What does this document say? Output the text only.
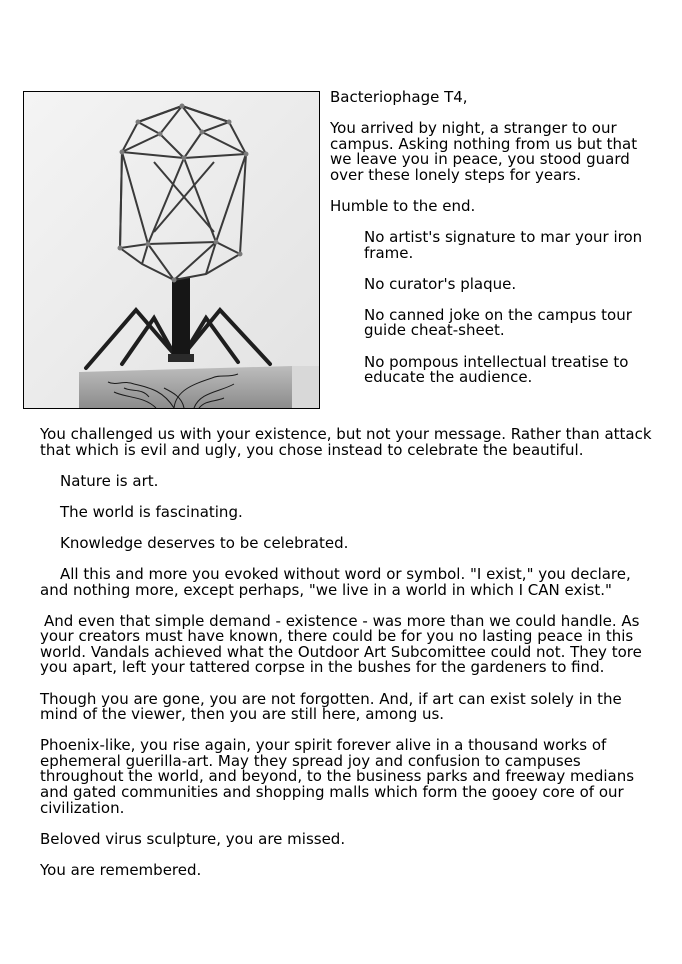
Bacteriophage T4,

You arrived by night, a stranger to our campus. Asking nothing from us but that we leave you in peace, you stood guard over these lonely steps for years.

Humble to the end.

No artist's signature to mar your iron frame.

No curator's plaque.

No canned joke on the campus tour guide cheat-sheet.

No pompous intellectual treatise to educate the audience.

You challenged us with your existence, but not your message. Rather than attack that which is evil and ugly, you chose instead to celebrate the beautiful.

Nature is art.

The world is fascinating.

Knowledge deserves to be celebrated.

All this and more you evoked without word or symbol. "I exist," you declare, and nothing more, except perhaps, "we live in a world in which I CAN exist."

And even that simple demand - existence - was more than we could handle. As your creators must have known, there could be for you no lasting peace in this world. Vandals achieved what the Outdoor Art Subcomittee could not. They tore you apart, left your tattered corpse in the bushes for the gardeners to find.

Though you are gone, you are not forgotten. And, if art can exist solely in the mind of the viewer, then you are still here, among us.

Phoenix-like, you rise again, your spirit forever alive in a thousand works of ephemeral guerilla-art. May they spread joy and confusion to campuses throughout the world, and beyond, to the business parks and freeway medians and gated communities and shopping malls which form the gooey core of our civilization.

Beloved virus sculpture, you are missed.

You are remembered.
